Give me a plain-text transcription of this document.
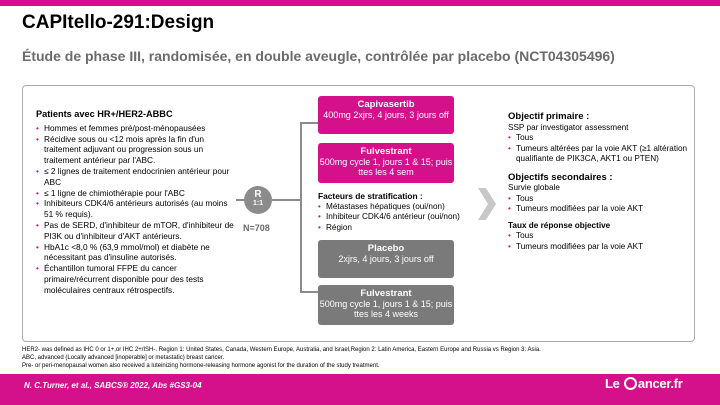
CAPItello-291:Design
Étude de phase III, randomisée, en double aveugle, contrôlée par placebo (NCT04305496)
Patients avec HR+/HER2-ABBC
• Hommes et femmes pré/post-ménopausées
• Récidive sous ou <12 mois après la fin d'un traitement adjuvant ou progression sous un traitement antérieur par l'ABC.
• ≤ 2 lignes de traitement endocrinien antérieur pour ABC
• ≤ 1 ligne de chimiothérapie pour l'ABC
• Inhibiteurs CDK4/6 antérieurs autorisés (au moins 51 % requis).
• Pas de SERD, d'inhibiteur de mTOR, d'inhibiteur de PI3K ou d'inhibiteur d'AKT antérieurs.
• HbA1c <8,0 % (63,9 mmol/mol) et diabète ne nécessitant pas d'insuline autorisés.
• Échantillon tumoral FFPE du cancer primaire/récurrent disponible pour des tests moléculaires centraux rétrospectifs.
R
1:1
N=708
Capivasertib
400mg 2xjrs, 4 jours, 3 jours off
Fulvestrant
500mg cycle 1, jours 1 & 15; puis ttes les 4 sem
Facteurs de stratification :
• Métastases hépatiques (oui/non)
• Inhibiteur CDK4/6 antérieur (oui/non)
• Région
Placebo
2xjrs, 4 jours, 3 jours off
Fulvestrant
500mg cycle 1, jours 1 & 15; puis ttes les 4 weeks
Objectif primaire :
SSP par investigator assessment
• Tous
• Tumeurs altérées par la voie AKT (≥1 altération qualifiante de PIK3CA, AKT1 ou PTEN)
Objectifs secondaires :
Survie globale
• Tous
• Tumeurs modifiées par la voie AKT
Taux de réponse objective
• Tous
• Tumeurs modifiées par la voie AKT
HER2- was defined as IHC 0 or 1+,or IHC 2+/ISH-. Region 1: United States, Canada, Western Europe, Australia, and Israel,Region 2: Latin America, Eastern Europe and Russia vs Region 3: Asia.
ABC, advanced (Locally advanced [inoperable] or metastatic) breast cancer.
Pre- or peri-menopausal women also received a luteinizing hormone-releasing hormone agonist for the duration of the study treatment.
N. C.Turner, et al., SABCS® 2022, Abs #GS3-04	Le ancer.fr
